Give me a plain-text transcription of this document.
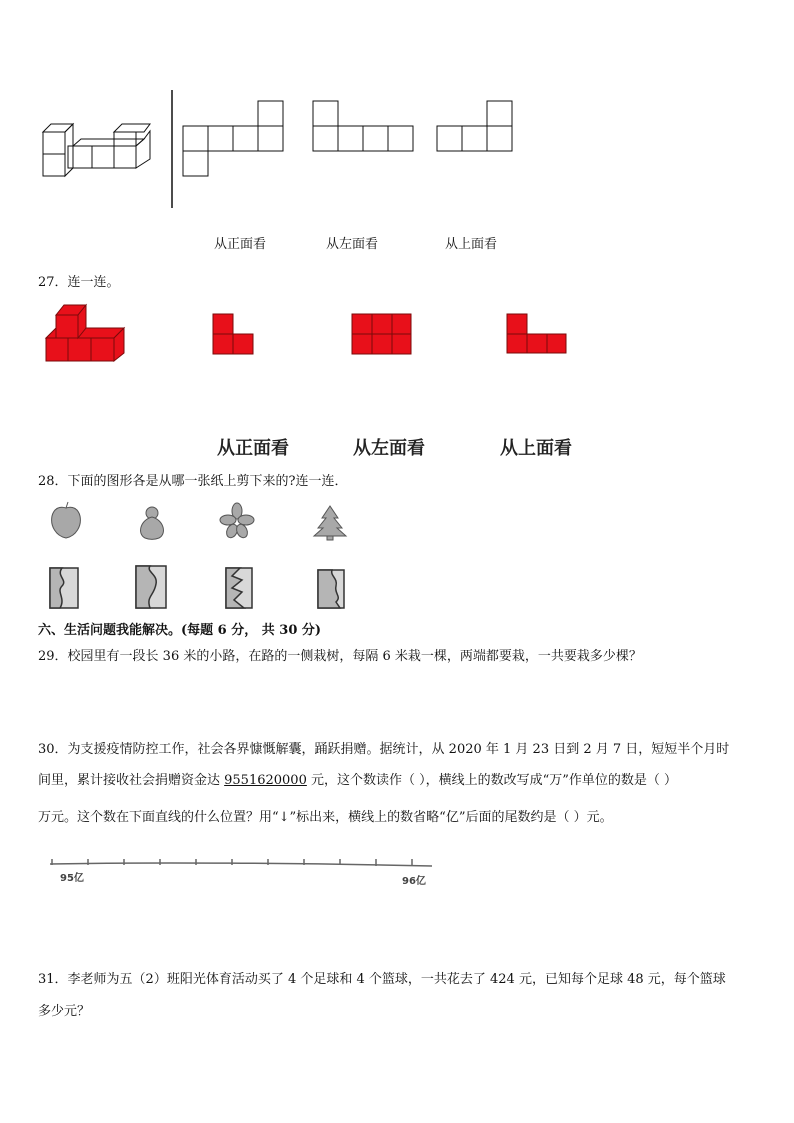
从正面看	从左面看	从上面看
27．连一连。
从正面看	从左面看	从上面看
28．下面的图形各是从哪一张纸上剪下来的?连一连．
六、生活问题我能解决。(每题 6 分， 共 30 分)
29．校园里有一段长 36 米的小路，在路的一侧栽树，每隔 6 米栽一棵，两端都要栽，一共要栽多少棵？
30．为支援疫情防控工作，社会各界慷慨解囊，踊跃捐赠。据统计，从 2020 年 1 月 23 日到 2 月 7 日，短短半个月时
间里，累计接收社会捐赠资金达 9551620000 元，这个数读作（ ），横线上的数改写成“万”作单位的数是（ ）
万元。这个数在下面直线的什么位置？用“↓”标出来，横线上的数省略“亿”后面的尾数约是（ ）元。
95亿	96亿
31．李老师为五（2）班阳光体育活动买了 4 个足球和 4 个篮球，一共花去了 424 元，已知每个足球 48 元，每个篮球
多少元？
